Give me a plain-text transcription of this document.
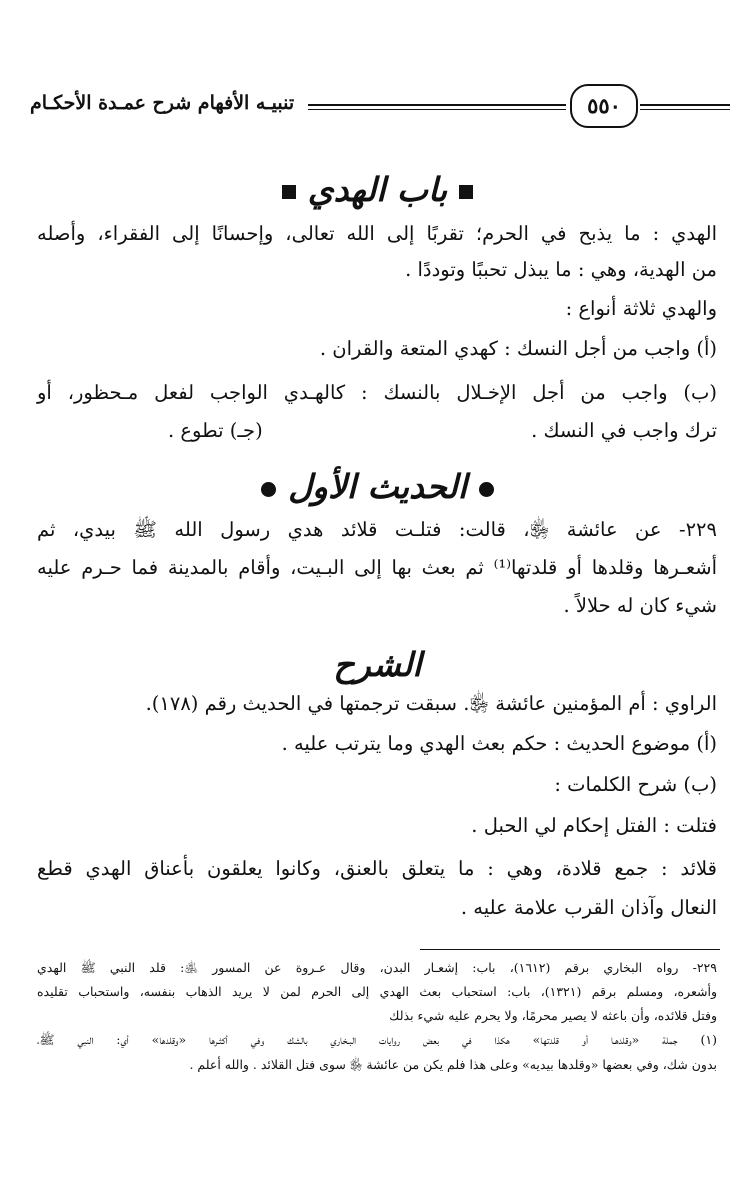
تنبيـه الأفهام شرح عمـدة الأحكـام	٥٥٠
باب الهدي
الهدي : ما يذبح في الحرم؛ تقربًا إلى الله تعالى، وإحسانًا إلى الفقراء، وأصله
من الهدية، وهي : ما يبذل تحببًا وتوددًا .
والهدي ثلاثة أنواع :
(أ) واجب من أجل النسك : كهدي المتعة والقران .
(ب) واجب من أجل الإخـلال بالنسك : كالهـدي الواجب لفعل مـحظور، أو
ترك واجب في النسك .
(جـ) تطوع .
الحديث الأول
٢٢٩- عن عائشة ﵂، قالت: فتلـت قلائد هدي رسول الله ﷺ بيدي، ثم
أشعـرها وقلدها أو قلدتها⁽¹⁾ ثم بعث بها إلى البـيت، وأقام بالمدينة فما حـرم عليه
شيء كان له حلالاً .
الشرح
الراوي : أم المؤمنين عائشة ﵂. سبقت ترجمتها في الحديث رقم (١٧٨).
(أ) موضوع الحديث : حكم بعث الهدي وما يترتب عليه .
(ب) شرح الكلمات :
فتلت : الفتل إحكام لي الحبل .
قلائد : جمع قلادة، وهي : ما يتعلق بالعنق، وكانوا يعلقون بأعناق الهدي قطع
النعال وآذان القرب علامة عليه .
٢٢٩- رواه البخاري برقم (١٦١٢)، باب: إشعـار البدن، وقال عـروة عن المسور ﵁: قلد النبي ﷺ الهدي
وأشعره، ومسلم برقم (١٣٢١)، باب: استحباب بعث الهدي إلى الحرم لمن لا يريد الذهاب بنفسه، واستحباب تقليده
وفتل قلائده، وأن باعثه لا يصير محرمًا، ولا يحرم عليه شيء بذلك
(١) جملة «وقلدهـا أو قلدتها» هكذا في بعض روايات البـخاري بالشك وفي أكثـرها «وقلدها» أي: النبي ﷺ،
بدون شك، وفي بعضها «وقلدها بيديه» وعلى هذا فلم يكن من عائشة ﵂ سوى فتل القلائد . والله أعلم .
